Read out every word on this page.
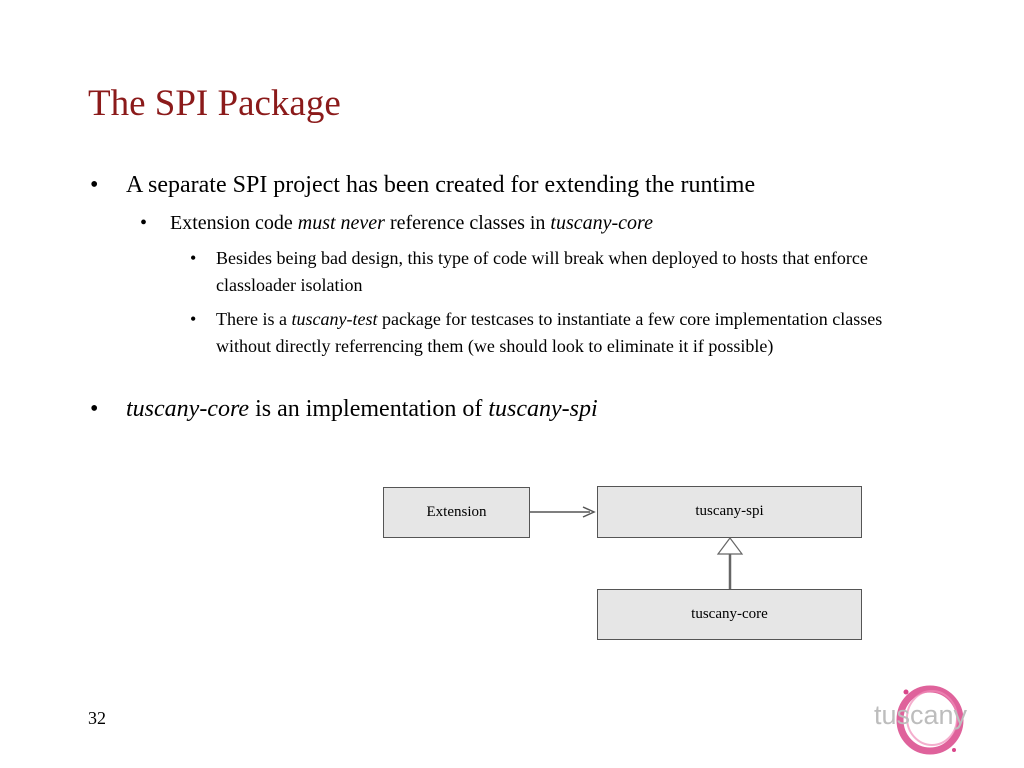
The SPI Package
• A separate SPI project has been created for extending the runtime
• Extension code must never reference classes in tuscany-core
• Besides being bad design, this type of code will break when deployed to hosts that enforce classloader isolation
• There is a tuscany-test package for testcases to instantiate a few core implementation classes without directly referrencing them (we should look to eliminate it if possible)
• tuscany-core is an implementation of tuscany-spi
Extension	tuscany-spi
tuscany-core
32	tuscany
